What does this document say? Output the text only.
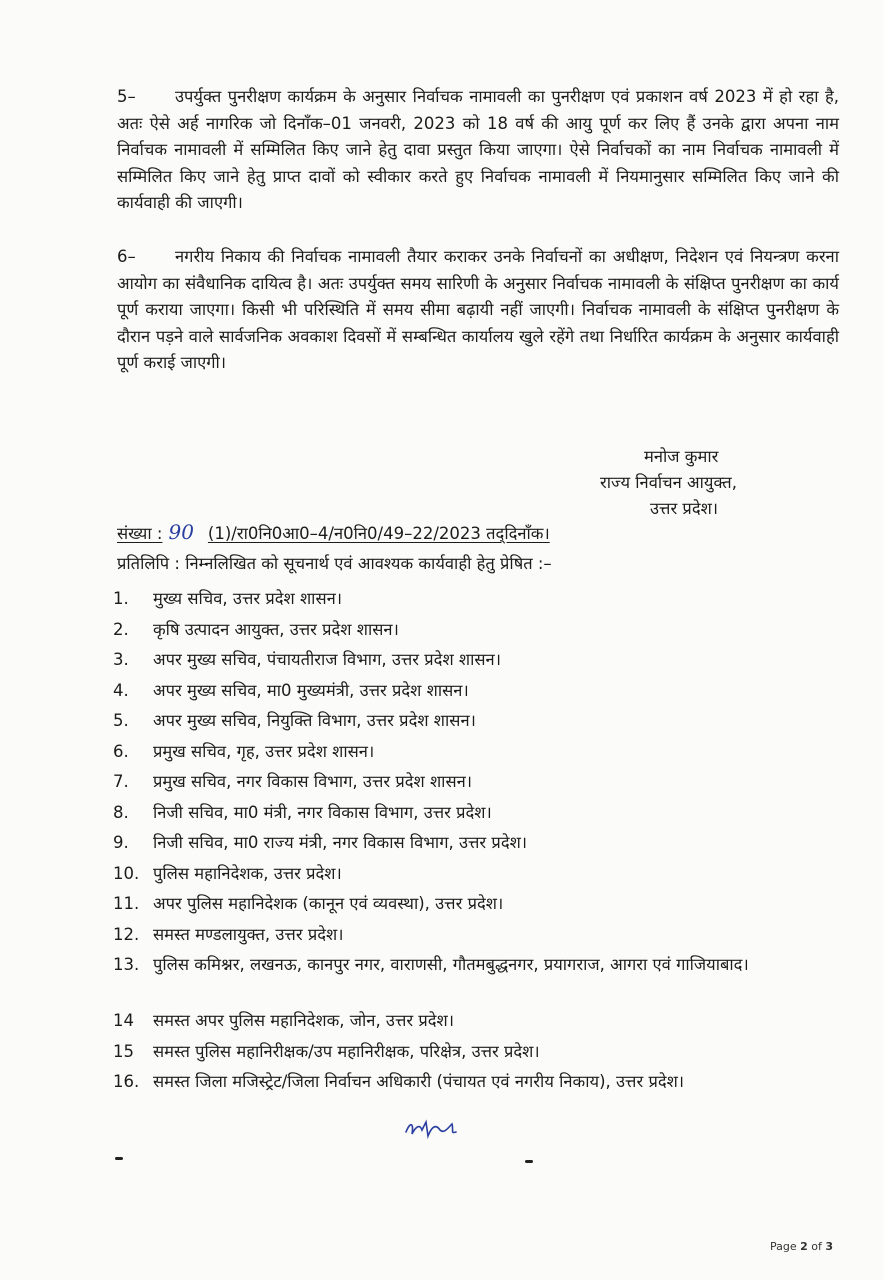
5– उपर्युक्त पुनरीक्षण कार्यक्रम के अनुसार निर्वाचक नामावली का पुनरीक्षण एवं प्रकाशन वर्ष 2023 में हो रहा है, अतः ऐसे अर्ह नागरिक जो दिनाँक–01 जनवरी, 2023 को 18 वर्ष की आयु पूर्ण कर लिए हैं उनके द्वारा अपना नाम निर्वाचक नामावली में सम्मिलित किए जाने हेतु दावा प्रस्तुत किया जाएगा। ऐसे निर्वाचकों का नाम निर्वाचक नामावली में सम्मिलित किए जाने हेतु प्राप्त दावों को स्वीकार करते हुए निर्वाचक नामावली में नियमानुसार सम्मिलित किए जाने की कार्यवाही की जाएगी।

6– नगरीय निकाय की निर्वाचक नामावली तैयार कराकर उनके निर्वाचनों का अधीक्षण, निदेशन एवं नियन्त्रण करना आयोग का संवैधानिक दायित्व है। अतः उपर्युक्त समय सारिणी के अनुसार निर्वाचक नामावली के संक्षिप्त पुनरीक्षण का कार्य पूर्ण कराया जाएगा। किसी भी परिस्थिति में समय सीमा बढ़ायी नहीं जाएगी। निर्वाचक नामावली के संक्षिप्त पुनरीक्षण के दौरान पड़ने वाले सार्वजनिक अवकाश दिवसों में सम्बन्धित कार्यालय खुले रहेंगे तथा निर्धारित कार्यक्रम के अनुसार कार्यवाही पूर्ण कराई जाएगी।

मनोज कुमार
राज्य निर्वाचन आयुक्त,
उत्तर प्रदेश।
संख्या : 90 (1)/रा0नि0आ0–4/न0नि0/49–22/2023 तद्‌दिनाँक।
प्रतिलिपि : निम्नलिखित को सूचनार्थ एवं आवश्यक कार्यवाही हेतु प्रेषित :–
1.	मुख्य सचिव, उत्तर प्रदेश शासन।
2.	कृषि उत्पादन आयुक्त, उत्तर प्रदेश शासन।
3.	अपर मुख्य सचिव, पंचायतीराज विभाग, उत्तर प्रदेश शासन।
4.	अपर मुख्य सचिव, मा0 मुख्यमंत्री, उत्तर प्रदेश शासन।
5.	अपर मुख्य सचिव, नियुक्ति विभाग, उत्तर प्रदेश शासन।
6.	प्रमुख सचिव, गृह, उत्तर प्रदेश शासन।
7.	प्रमुख सचिव, नगर विकास विभाग, उत्तर प्रदेश शासन।
8.	निजी सचिव, मा0 मंत्री, नगर विकास विभाग, उत्तर प्रदेश।
9.	निजी सचिव, मा0 राज्य मंत्री, नगर विकास विभाग, उत्तर प्रदेश।
10. पुलिस महानिदेशक, उत्तर प्रदेश।
11. अपर पुलिस महानिदेशक (कानून एवं व्यवस्था), उत्तर प्रदेश।
12. समस्त मण्डलायुक्त, उत्तर प्रदेश।
13. पुलिस कमिश्नर, लखनऊ, कानपुर नगर, वाराणसी, गौतमबुद्धनगर, प्रयागराज, आगरा एवं गाजियाबाद।
14	समस्त अपर पुलिस महानिदेशक, जोन, उत्तर प्रदेश।
15	समस्त पुलिस महानिरीक्षक/उप महानिरीक्षक, परिक्षेत्र, उत्तर प्रदेश।
16. समस्त जिला मजिस्ट्रेट/जिला निर्वाचन अधिकारी (पंचायत एवं नगरीय निकाय), उत्तर प्रदेश।
Page 2 of 3
